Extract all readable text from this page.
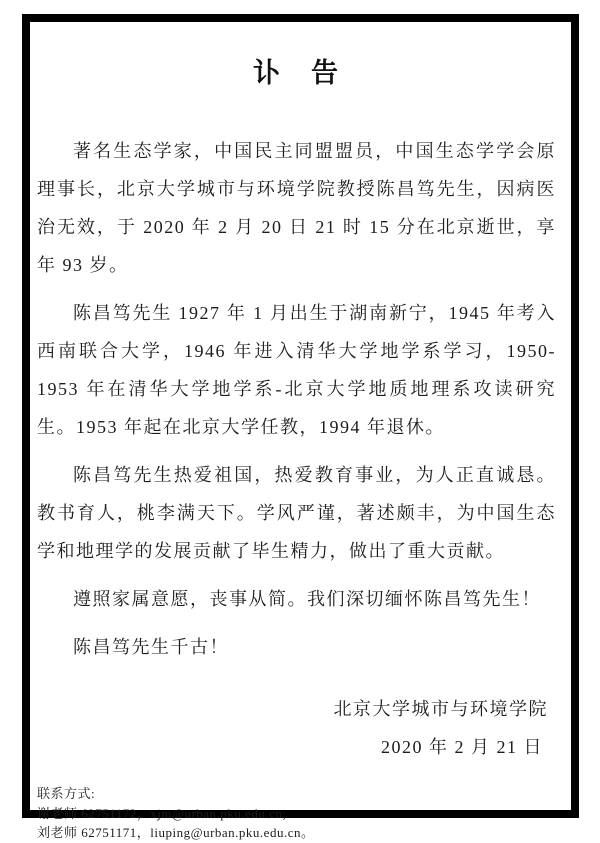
讣　告

著名生态学家，中国民主同盟盟员，中国生态学学会原理事长，北京大学城市与环境学院教授陈昌笃先生，因病医治无效，于 2020 年 2 月 20 日 21 时 15 分在北京逝世，享年 93 岁。

陈昌笃先生 1927 年 1 月出生于湖南新宁，1945 年考入西南联合大学，1946 年进入清华大学地学系学习，1950-1953 年在清华大学地学系-北京大学地质地理系攻读研究生。1953 年起在北京大学任教，1994 年退休。

陈昌笃先生热爱祖国，热爱教育事业，为人正直诚恳。教书育人，桃李满天下。学风严谨，著述颇丰，为中国生态学和地理学的发展贡献了毕生精力，做出了重大贡献。

遵照家属意愿，丧事从简。我们深切缅怀陈昌笃先生！

陈昌笃先生千古！

北京大学城市与环境学院

2020 年 2 月 21 日

联系方式:

谢老师 62751172，xjm@urban.pku.edu.cn;

刘老师 62751171，liuping@urban.pku.edu.cn。
